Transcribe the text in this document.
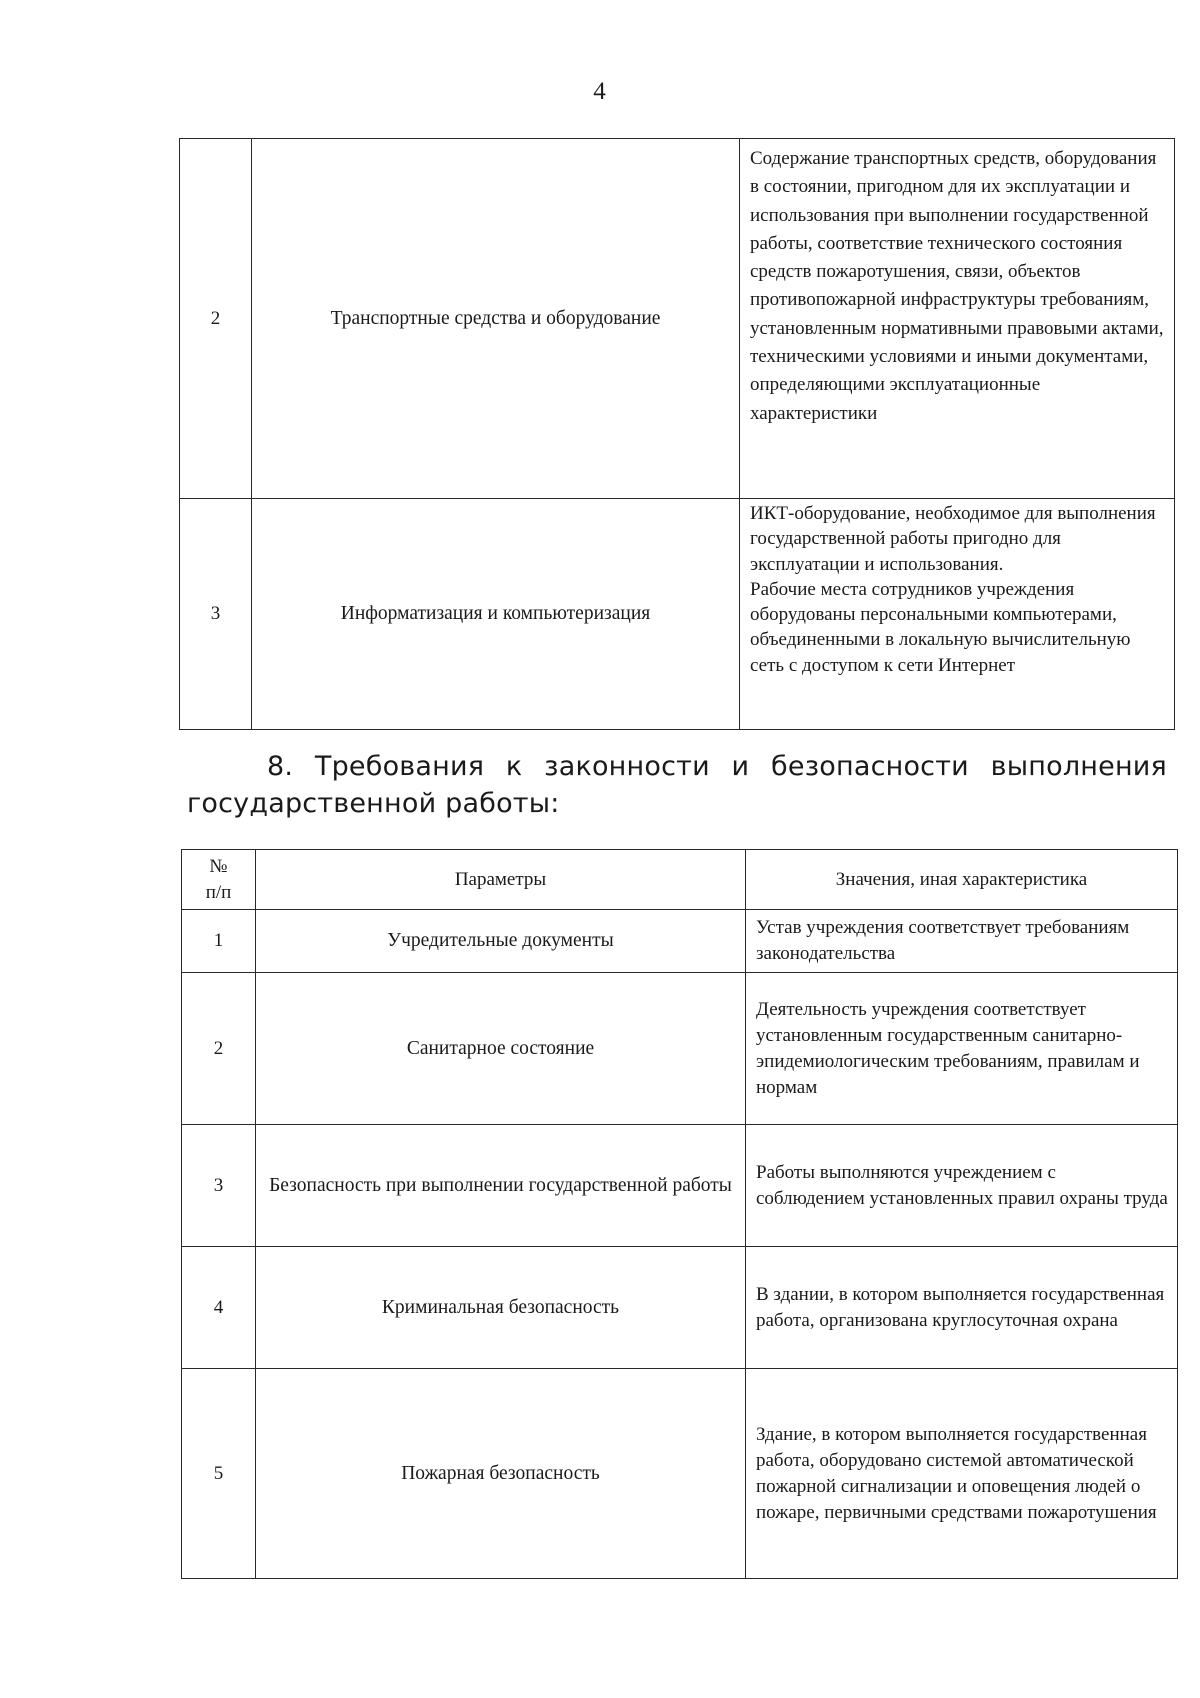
4
2	Транспортные средства и оборудование	Содержание транспортных средств, оборудования в состоянии, пригодном для их эксплуатации и использования при выполнении государственной работы, соответствие технического состояния средств пожаротушения, связи, объектов противопожарной инфраструктуры требованиям, установленным нормативными правовыми актами, техническими условиями и иными документами, определяющими эксплуатационные характеристики
3	Информатизация и компьютеризация	ИКТ-оборудование, необходимое для выполнения государственной работы пригодно для эксплуатации и использования.
Рабочие места сотрудников учреждения оборудованы персональными компьютерами, объединенными в локальную вычислительную сеть с доступом к сети Интернет
8. Требования к законности и безопасности выполнения государственной работы:
№
п/п	Параметры	Значения, иная характеристика
1	Учредительные документы	Устав учреждения соответствует требованиям законодательства
2	Санитарное состояние	Деятельность учреждения соответствует установленным государственным санитарно-эпидемиологическим требованиям, правилам и нормам
3	Безопасность при выполнении государственной работы	Работы выполняются учреждением с соблюдением установленных правил охраны труда
4	Криминальная безопасность	В здании, в котором выполняется государственная работа, организована круглосуточная охрана
5	Пожарная безопасность	Здание, в котором выполняется государственная работа, оборудовано системой автоматической пожарной сигнализации и оповещения людей о пожаре, первичными средствами пожаротушения
